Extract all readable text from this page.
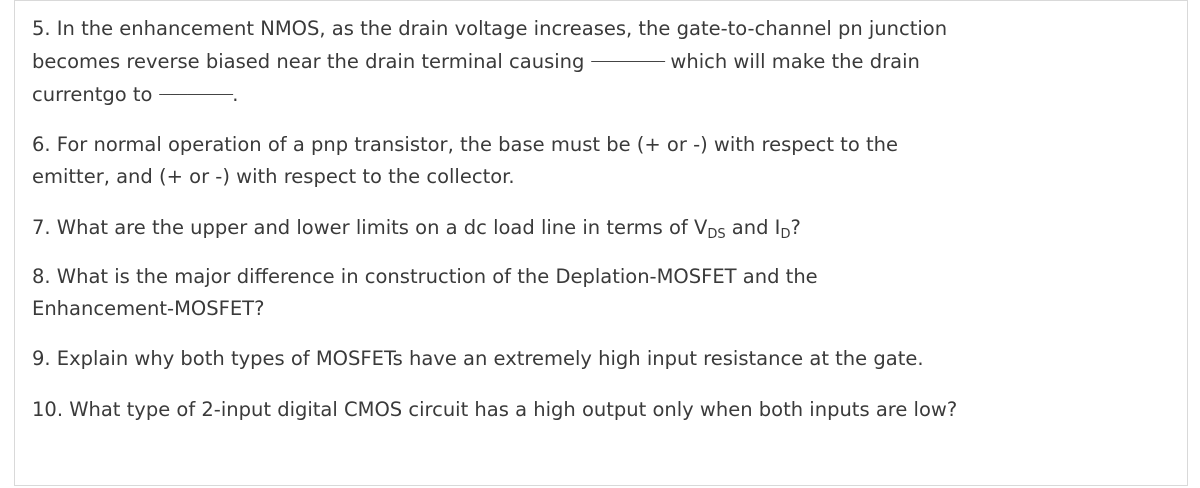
5. In the enhancement NMOS, as the drain voltage increases, the gate-to-channel pn junction
becomes reverse biased near the drain terminal causing -------------------------- which will make the drain
currentgo to --------------------------.
6. For normal operation of a pnp transistor, the base must be (+ or -) with respect to the
emitter, and (+ or -) with respect to the collector.
7. What are the upper and lower limits on a dc load line in terms of $V_{DS}$ and $I_D$?
8. What is the major difference in construction of the Deplation-MOSFET and the
Enhancement-MOSFET?
9. Explain why both types of MOSFETs have an extremely high input resistance at the gate.
10. What type of 2-input digital CMOS circuit has a high output only when both inputs are low?
